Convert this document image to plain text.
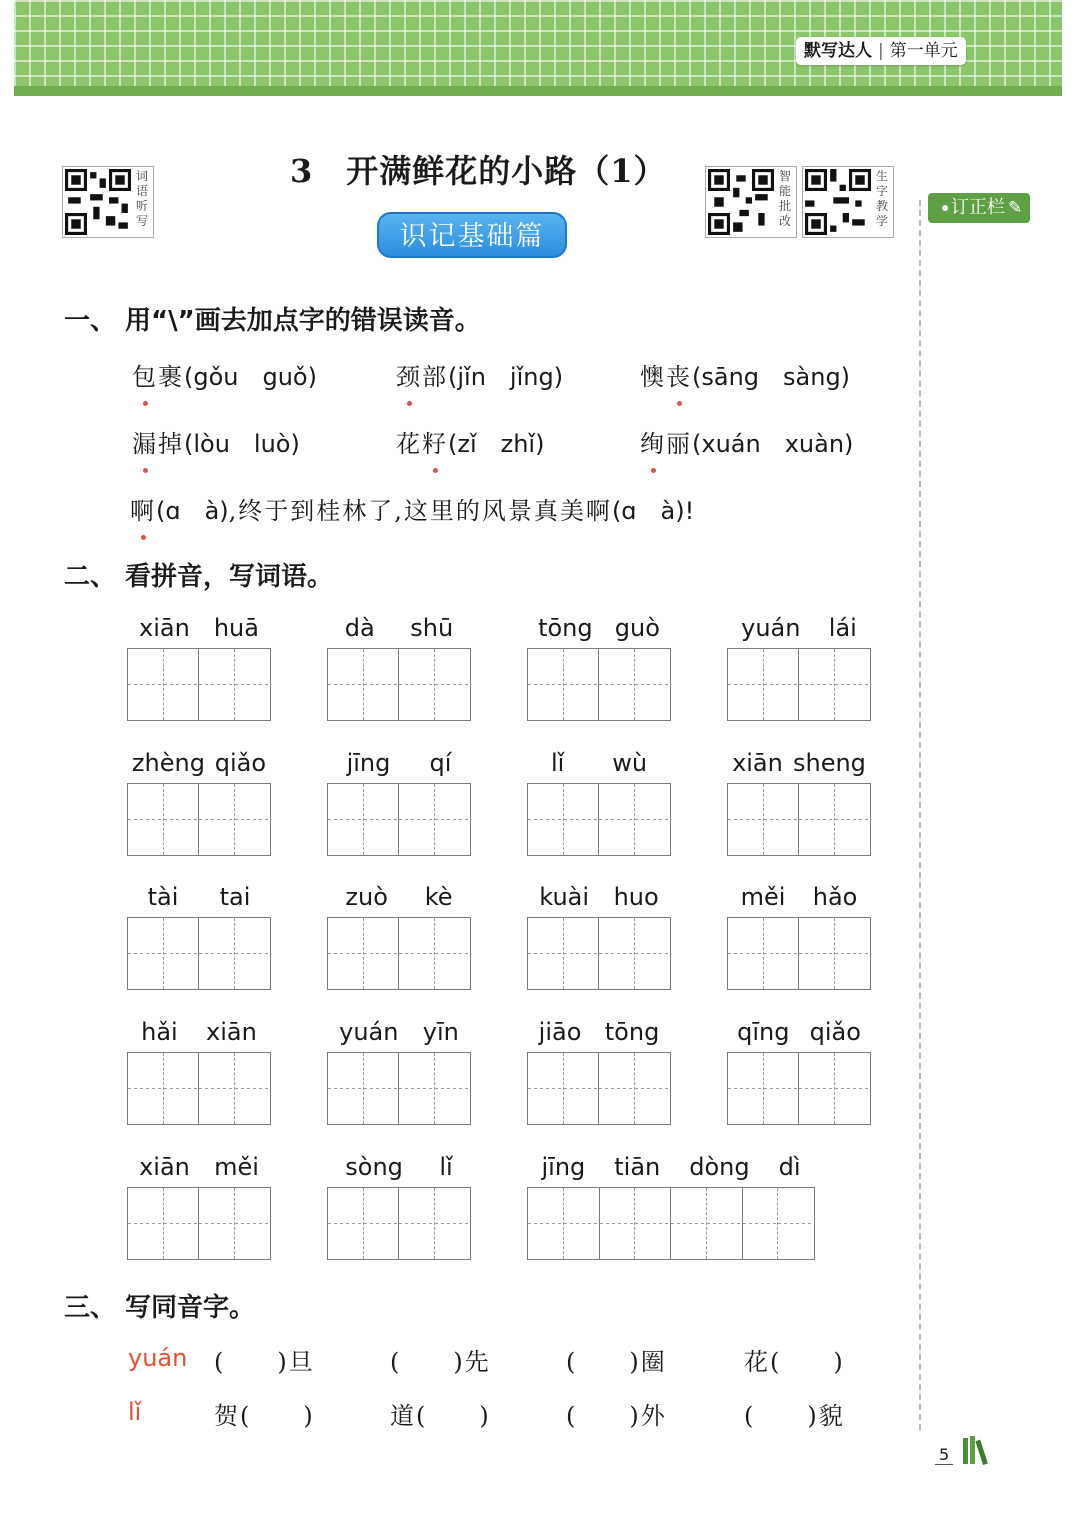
默写达人 | 第一单元
词语听写
智能批改
生字教学
3　开满鲜花的小路（1）
识记基础篇
订正栏 ✎
一、 用“\”画去加点字的错误读音。
包裹(gǒu　guǒ)	颈部(jǐn　jǐng)	懊丧(sāng　sàng)
漏掉(lòu　luò)	花籽(zǐ　zhǐ)	绚丽(xuán　xuàn)
啊(ɑ　à),终于到桂林了,这里的风景真美啊(ɑ　à)!
二、 看拼音，写词语。
xiān huā	dà shū	tōng guò	yuán lái
zhèng qiǎo	jīng qí	lǐ wù	xiān sheng
tài tai	zuò kè	kuài huo	měi hǎo
hǎi xiān	yuán yīn	jiāo tōng	qīng qiǎo
xiān měi	sòng lǐ	jīng tiān dòng dì
三、 写同音字。
yuán (　　)旦	(　　)先	(　　)圈	花(　　)
lǐ	贺(　　)	道(　　)	(　　)外	(　　)貌
5
